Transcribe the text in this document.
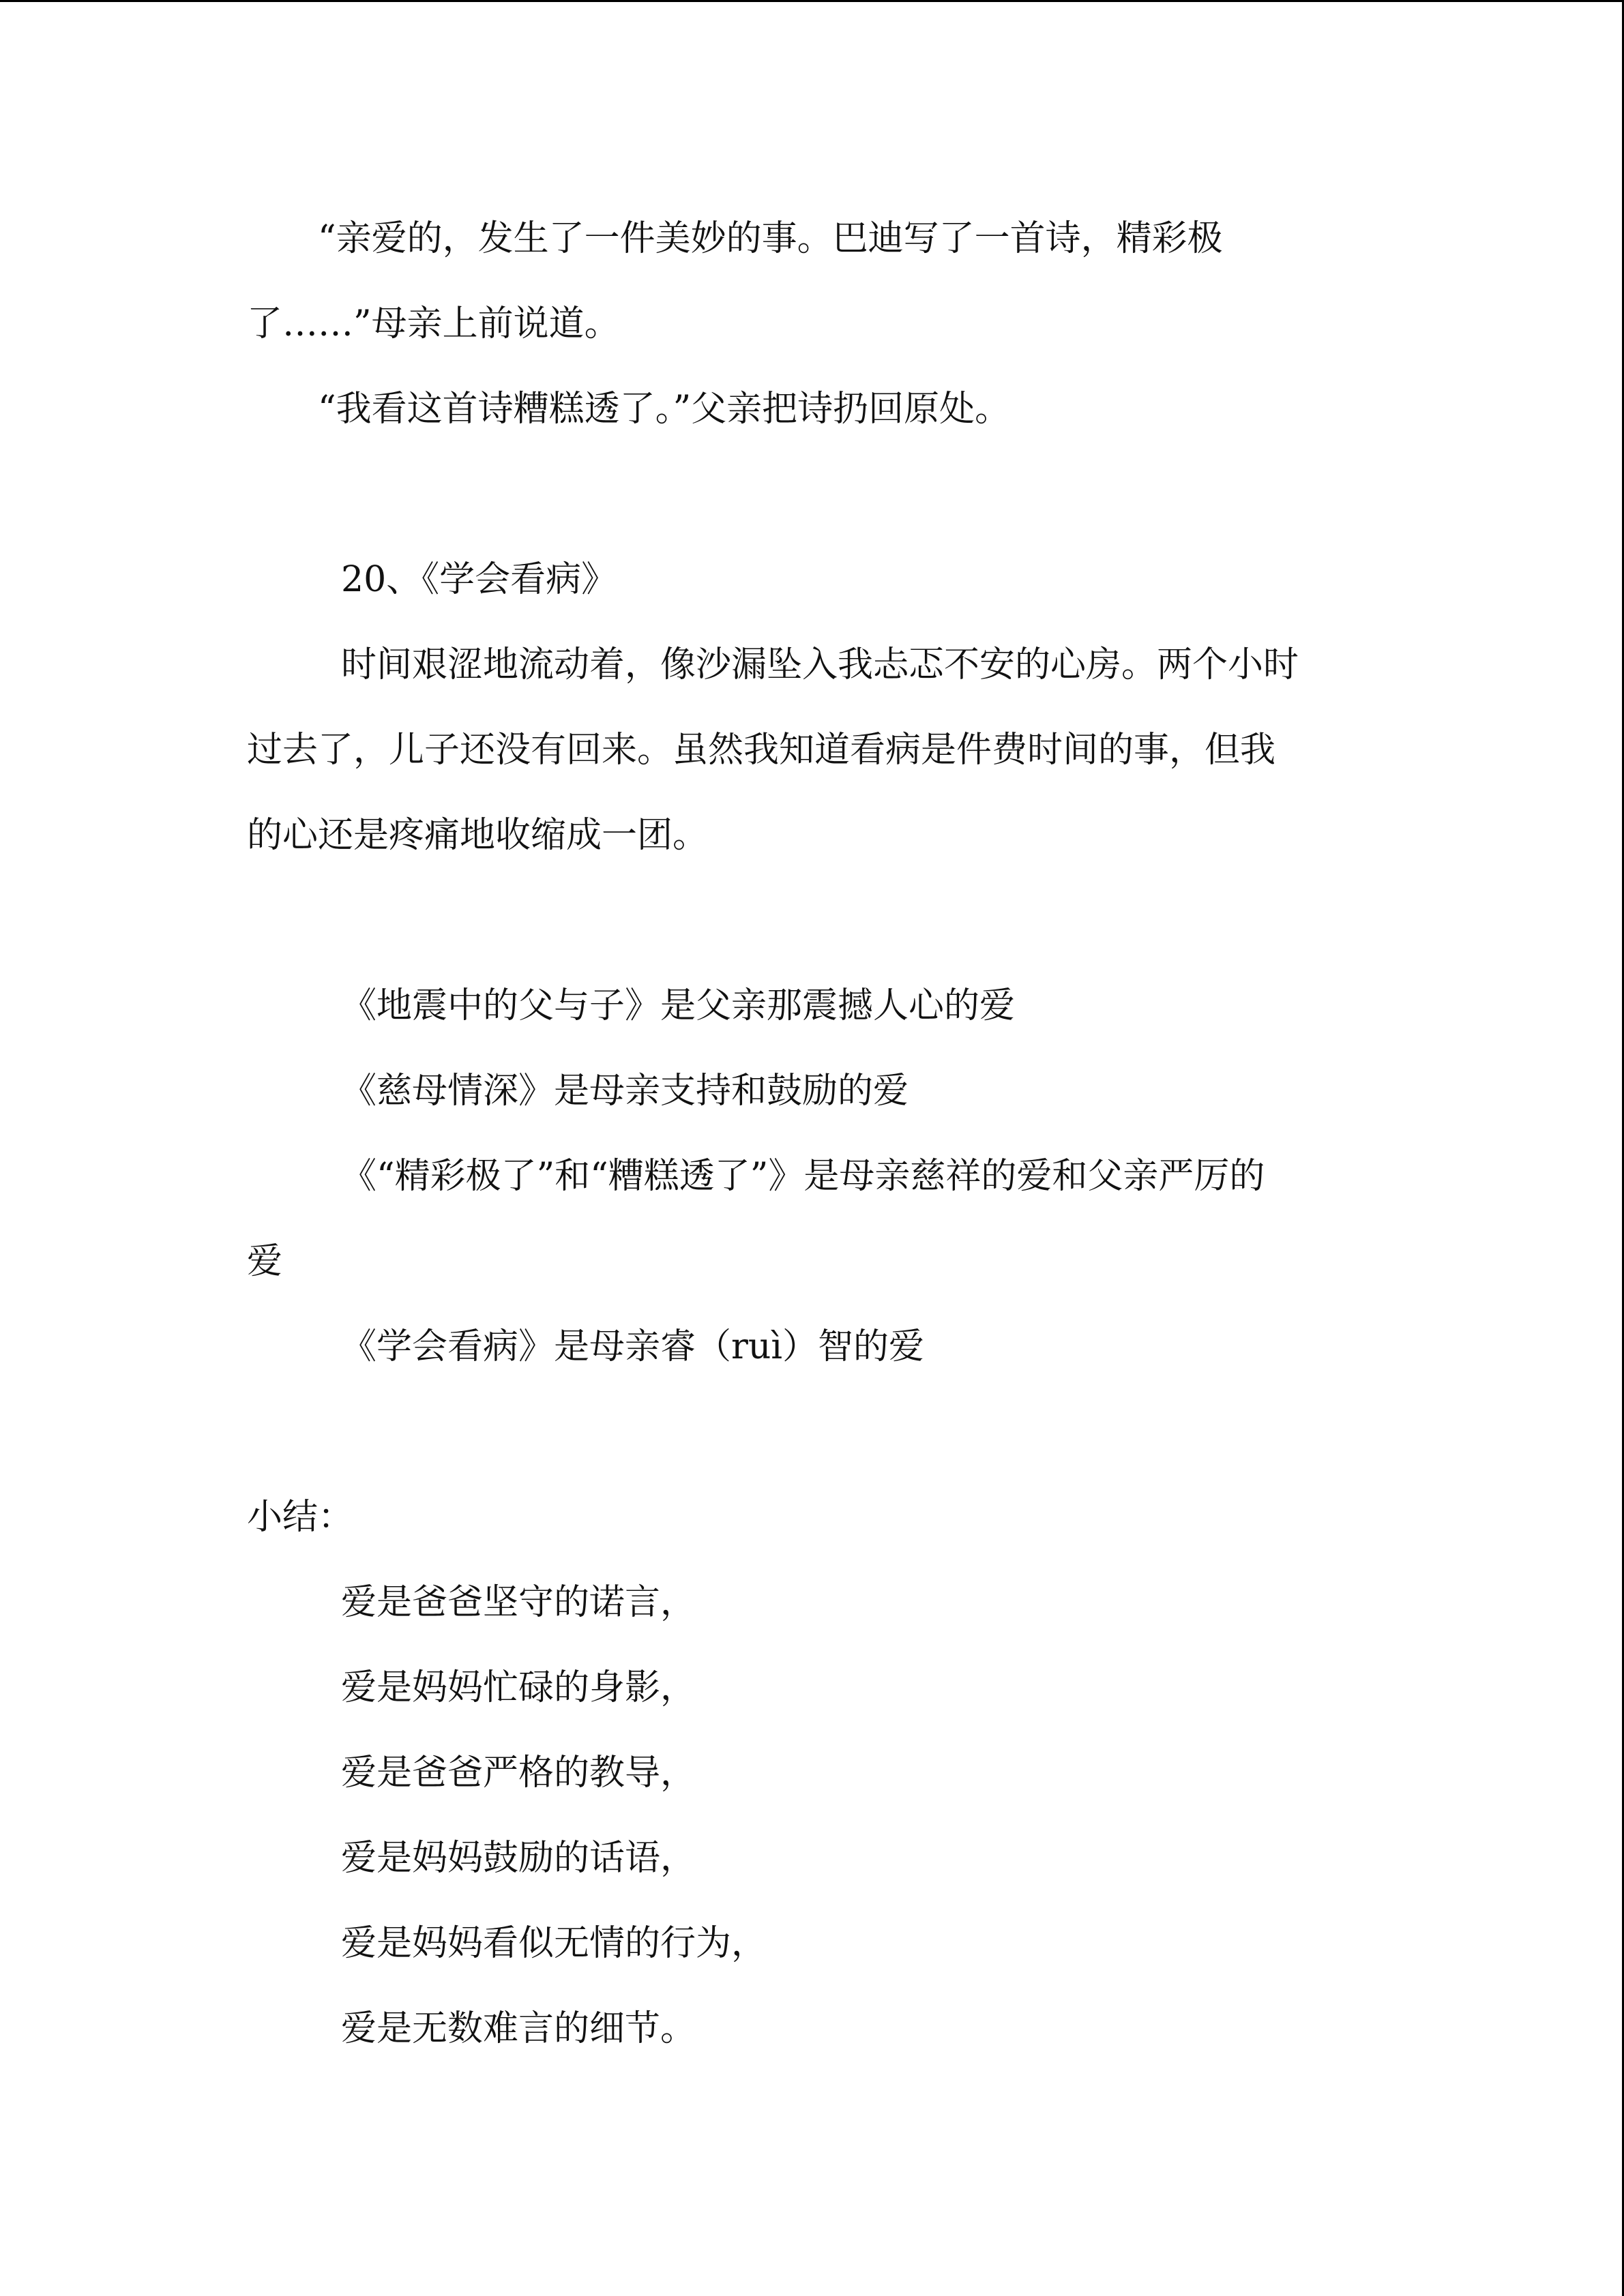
“亲爱的，发生了一件美妙的事。巴迪写了一首诗，精彩极
了……”母亲上前说道。
“我看这首诗糟糕透了。”父亲把诗扔回原处。
20、《学会看病》
时间艰涩地流动着，像沙漏坠入我忐忑不安的心房。两个小时
过去了，儿子还没有回来。虽然我知道看病是件费时间的事，但我
的心还是疼痛地收缩成一团。
《地震中的父与子》是父亲那震撼人心的爱
《慈母情深》是母亲支持和鼓励的爱
《“精彩极了”和“糟糕透了”》是母亲慈祥的爱和父亲严厉的
爱
《学会看病》是母亲睿（ruì）智的爱
小结：
爱是爸爸坚守的诺言，
爱是妈妈忙碌的身影，
爱是爸爸严格的教导，
爱是妈妈鼓励的话语，
爱是妈妈看似无情的行为，
爱是无数难言的细节。
